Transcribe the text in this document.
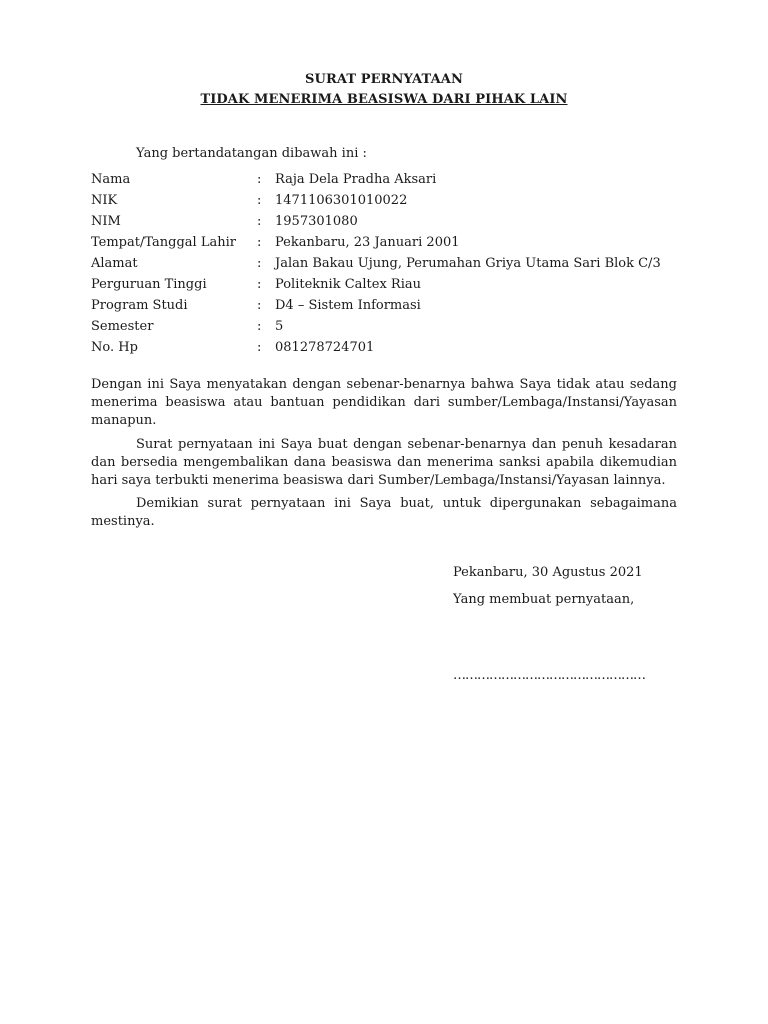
SURAT PERNYATAAN
TIDAK MENERIMA BEASISWA DARI PIHAK LAIN
Yang bertandatangan dibawah ini :
Nama	: Raja Dela Pradha Aksari
NIK	: 1471106301010022
NIM	: 1957301080
Tempat/Tanggal Lahir : Pekanbaru, 23 Januari 2001
Alamat	: Jalan Bakau Ujung, Perumahan Griya Utama Sari Blok C/3
Perguruan Tinggi	: Politeknik Caltex Riau
Program Studi	: D4 – Sistem Informasi
Semester	: 5
No. Hp	: 081278724701
Dengan ini Saya menyatakan dengan sebenar-benarnya bahwa Saya tidak atau sedang menerima beasiswa atau bantuan pendidikan dari sumber/Lembaga/Instansi/Yayasan manapun.
Surat pernyataan ini Saya buat dengan sebenar-benarnya dan penuh kesadaran dan bersedia mengembalikan dana beasiswa dan menerima sanksi apabila dikemudian hari saya terbukti menerima beasiswa dari Sumber/Lembaga/Instansi/Yayasan lainnya.
Demikian surat pernyataan ini Saya buat, untuk dipergunakan sebagaimana mestinya.
Pekanbaru, 30 Agustus 2021
Yang membuat pernyataan,
…………………………………………
